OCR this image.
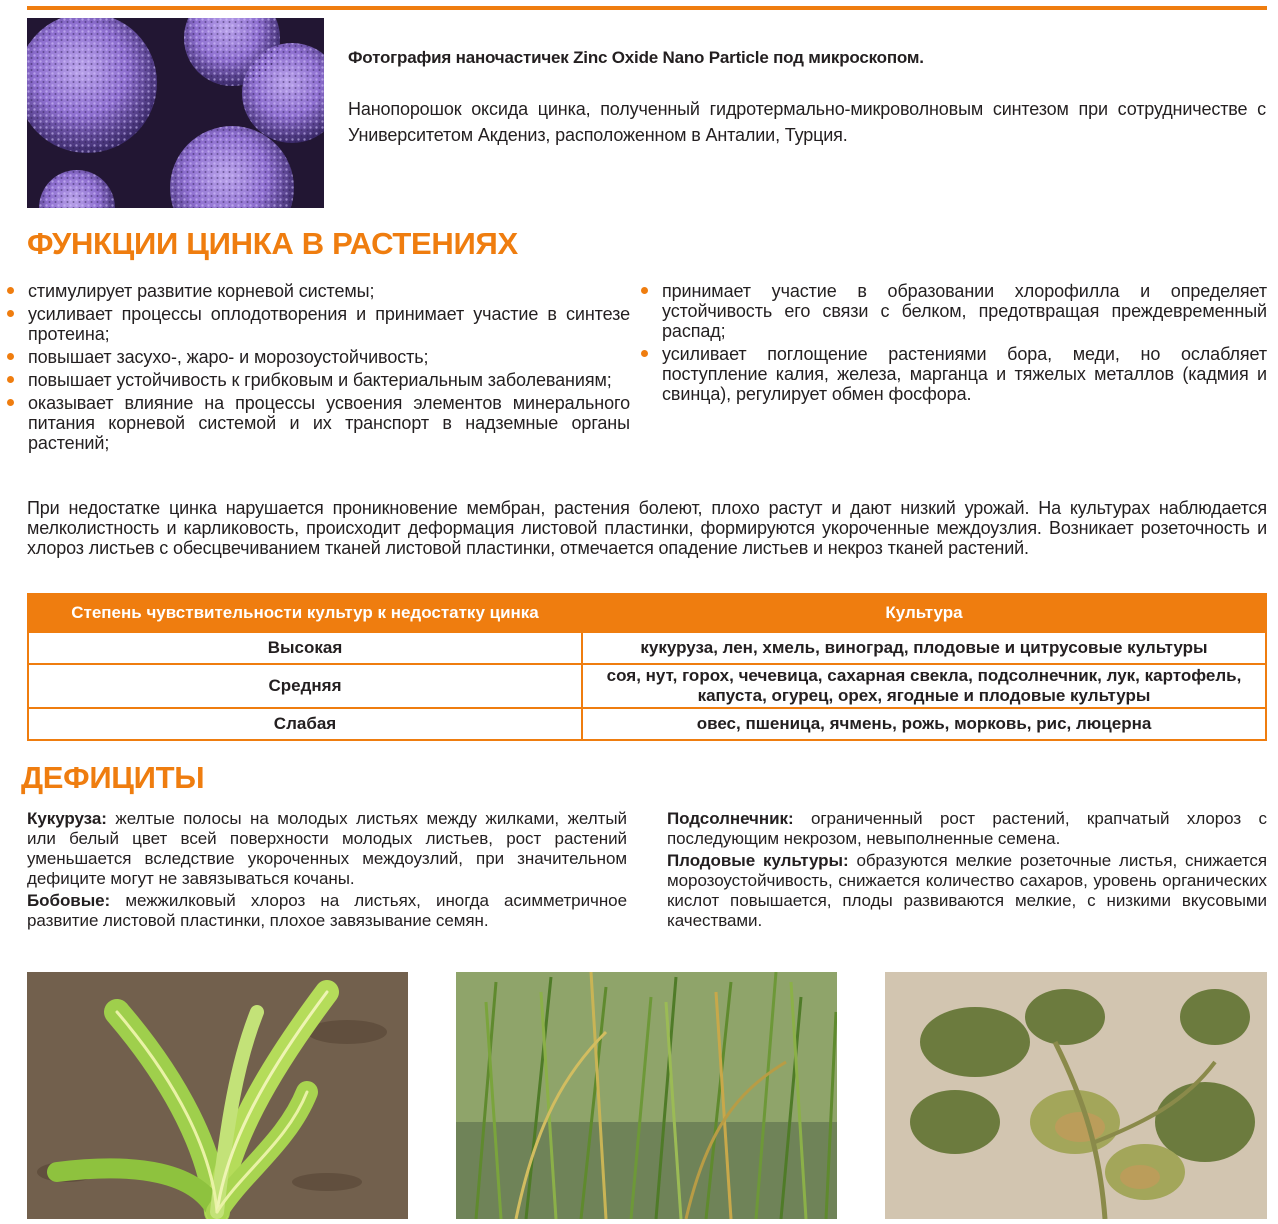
Фотография наночастичек Zinc Oxide Nano Particle под микроскопом.
Нанопорошок оксида цинка, полученный гидротермально-микроволновым синтезом при сотрудничестве с Университетом Акдениз, расположенном в Анталии, Турция.
ФУНКЦИИ ЦИНКА В РАСТЕНИЯХ
стимулирует развитие корневой системы;
усиливает процессы оплодотворения и принимает участие в синтезе протеина;
повышает засухо-, жаро- и морозоустойчивость;
повышает устойчивость к грибковым и бактериальным заболеваниям;
оказывает влияние на процессы усвоения элементов минерального питания корневой системой и их транспорт в надземные органы растений;
принимает участие в образовании хлорофилла и определяет устойчивость его связи с белком, предотвращая преждевременный распад;
усиливает поглощение растениями бора, меди, но ослабляет поступление калия, железа, марганца и тяжелых металлов (кадмия и свинца), регулирует обмен фосфора.
При недостатке цинка нарушается проникновение мембран, растения болеют, плохо растут и дают низкий урожай. На культурах наблюдается мелколистность и карликовость, происходит деформация листовой пластинки, формируются укороченные междоузлия. Возникает розеточность и хлороз листьев с обесцвечиванием тканей листовой пластинки, отмечается опадение листьев и некроз тканей растений.
Степень чувствительности культур к недостатку цинка	Культура
Высокая	кукуруза, лен, хмель, виноград, плодовые и цитрусовые культуры
Средняя	соя, нут, горох, чечевица, сахарная свекла, подсолнечник, лук, картофель, капуста, огурец, орех, ягодные и плодовые культуры
Слабая	овес, пшеница, ячмень, рожь, морковь, рис, люцерна
ДЕФИЦИТЫ

Кукуруза: желтые полосы на молодых листьях между жилками, желтый или белый цвет всей поверхности молодых листьев, рост растений уменьшается вследствие укороченных междоузлий, при значительном дефиците могут не завязываться кочаны.

Бобовые: межжилковый хлороз на листьях, иногда асимметричное развитие листовой пластинки, плохое завязывание семян.

Подсолнечник: ограниченный рост растений, крапчатый хлороз с последующим некрозом, невыполненные семена.

Плодовые культуры: образуются мелкие розеточные листья, снижается морозоустойчивость, снижается количество сахаров, уровень органических кислот повышается, плоды развиваются мелкие, с низкими вкусовыми качествами.
